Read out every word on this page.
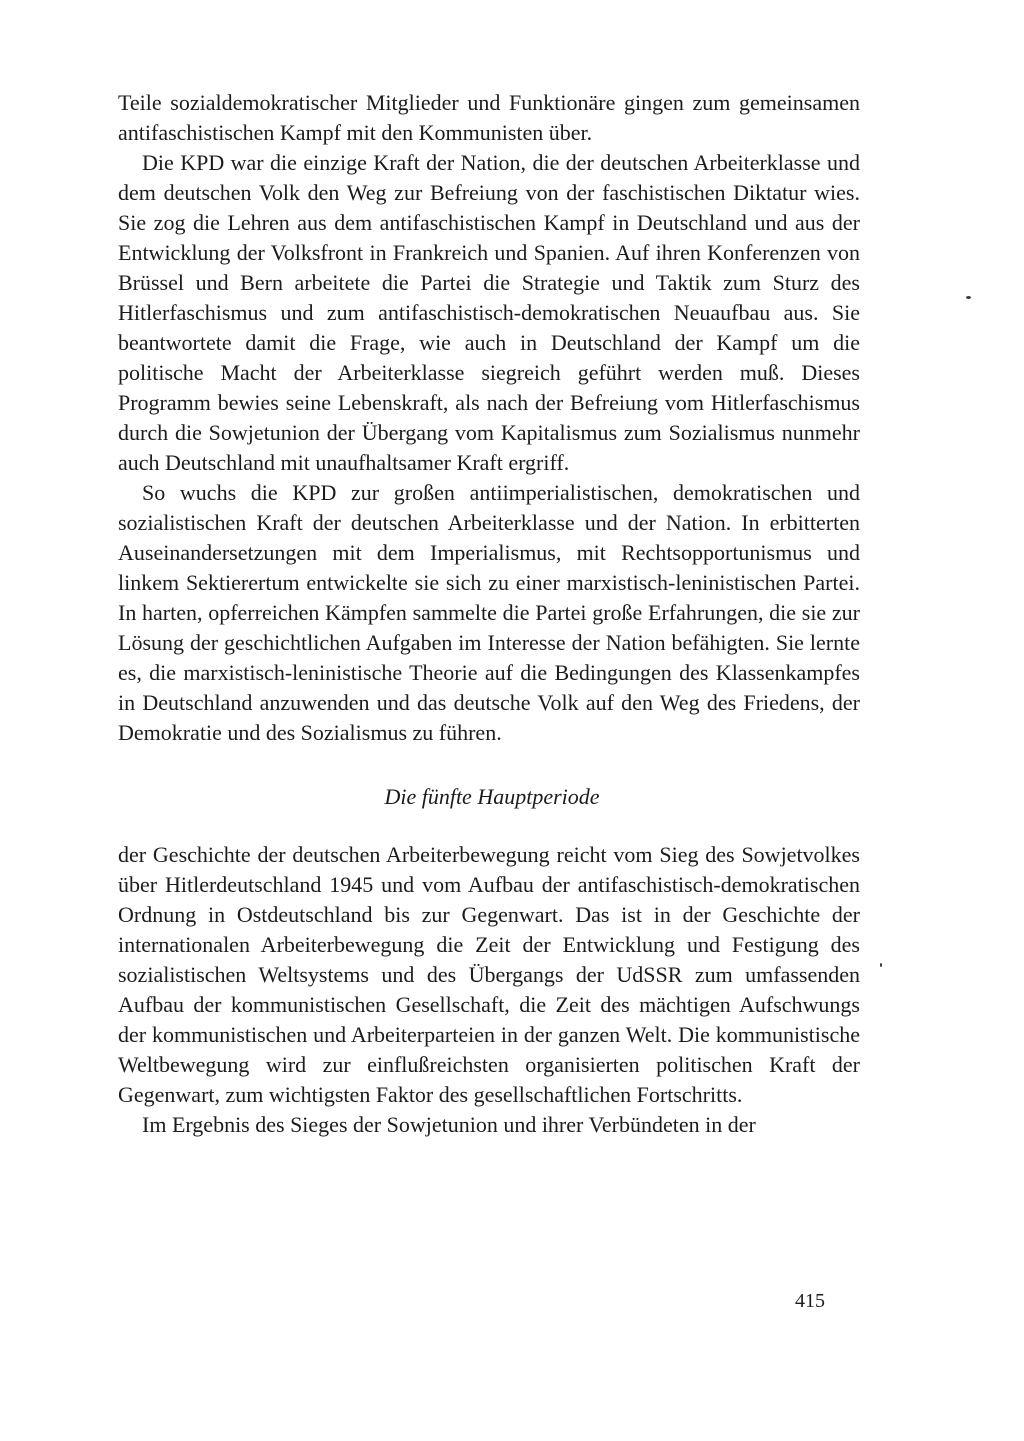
Teile sozialdemokratischer Mitglieder und Funktionäre gingen zum gemeinsamen antifaschistischen Kampf mit den Kommunisten über.

Die KPD war die einzige Kraft der Nation, die der deutschen Arbeiterklasse und dem deutschen Volk den Weg zur Befreiung von der faschistischen Diktatur wies. Sie zog die Lehren aus dem antifaschistischen Kampf in Deutschland und aus der Entwicklung der Volksfront in Frankreich und Spanien. Auf ihren Konferenzen von Brüssel und Bern arbeitete die Partei die Strategie und Taktik zum Sturz des Hitlerfaschismus und zum antifaschistisch-demokratischen Neuaufbau aus. Sie beantwortete damit die Frage, wie auch in Deutschland der Kampf um die politische Macht der Arbeiterklasse siegreich geführt werden muß. Dieses Programm bewies seine Lebenskraft, als nach der Befreiung vom Hitlerfaschismus durch die Sowjetunion der Übergang vom Kapitalismus zum Sozialismus nunmehr auch Deutschland mit unaufhaltsamer Kraft ergriff.

So wuchs die KPD zur großen antiimperialistischen, demokratischen und sozialistischen Kraft der deutschen Arbeiterklasse und der Nation. In erbitterten Auseinandersetzungen mit dem Imperialismus, mit Rechtsopportunismus und linkem Sektierertum entwickelte sie sich zu einer marxistisch-leninistischen Partei. In harten, opferreichen Kämpfen sammelte die Partei große Erfahrungen, die sie zur Lösung der geschichtlichen Aufgaben im Interesse der Nation befähigten. Sie lernte es, die marxistisch-leninistische Theorie auf die Bedingungen des Klassenkampfes in Deutschland anzuwenden und das deutsche Volk auf den Weg des Friedens, der Demokratie und des Sozialismus zu führen.

Die fünfte Hauptperiode

der Geschichte der deutschen Arbeiterbewegung reicht vom Sieg des Sowjetvolkes über Hitlerdeutschland 1945 und vom Aufbau der antifaschistisch-demokratischen Ordnung in Ostdeutschland bis zur Gegenwart. Das ist in der Geschichte der internationalen Arbeiterbewegung die Zeit der Entwicklung und Festigung des sozialistischen Weltsystems und des Übergangs der UdSSR zum umfassenden Aufbau der kommunistischen Gesellschaft, die Zeit des mächtigen Aufschwungs der kommunistischen und Arbeiterparteien in der ganzen Welt. Die kommunistische Weltbewegung wird zur einflußreichsten organisierten politischen Kraft der Gegenwart, zum wichtigsten Faktor des gesellschaftlichen Fortschritts.

Im Ergebnis des Sieges der Sowjetunion und ihrer Verbündeten in der

415
